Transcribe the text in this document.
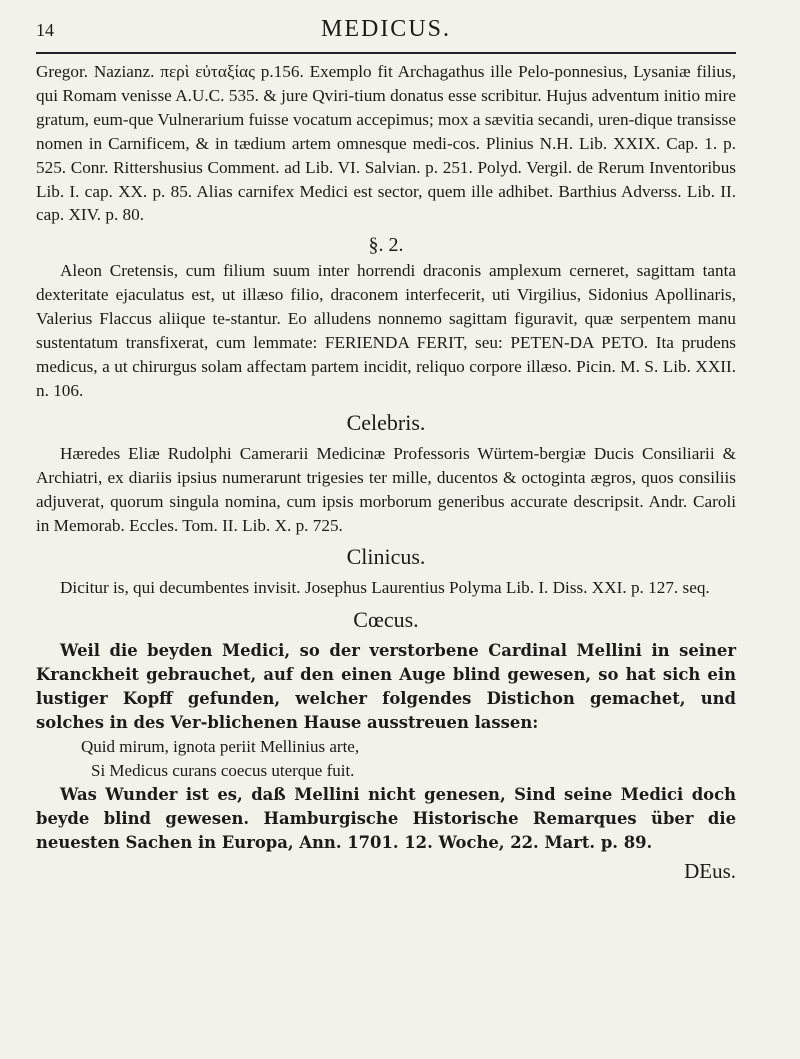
14	MEDICUS.

Gregor. Nazianz. περὶ εὐταξίας p.156. Exemplo fit Archagathus ille Pelo-ponnesius, Lysaniæ filius, qui Romam venisse A.U.C. 535. & jure Qviri-tium donatus esse scribitur. Hujus adventum initio mire gratum, eum-que Vulnerarium fuisse vocatum accepimus; mox a sævitia secandi, uren-dique transisse nomen in Carnificem, & in tædium artem omnesque medi-cos. Plinius N.H. Lib. XXIX. Cap. 1. p. 525. Conr. Rittershusius Comment. ad Lib. VI. Salvian. p. 251. Polyd. Vergil. de Rerum Inventoribus Lib. I. cap. XX. p. 85. Alias carnifex Medici est sector, quem ille adhibet. Barthius Adverss. Lib. II. cap. XIV. p. 80.

§. 2.

Aleon Cretensis, cum filium suum inter horrendi draconis amplexum cerneret, sagittam tanta dexteritate ejaculatus est, ut illæso filio, draconem interfecerit, uti Virgilius, Sidonius Apollinaris, Valerius Flaccus aliique te-stantur. Eo alludens nonnemo sagittam figuravit, quæ serpentem manu sustentatum transfixerat, cum lemmate: FERIENDA FERIT, seu: PETEN-DA PETO. Ita prudens medicus, a ut chirurgus solam affectam partem incidit, reliquo corpore illæso. Picin. M. S. Lib. XXII. n. 106.

Celebris.

Hæredes Eliæ Rudolphi Camerarii Medicinæ Professoris Würtem-bergiæ Ducis Consiliarii & Archiatri, ex diariis ipsius numerarunt trigesies ter mille, ducentos & octoginta ægros, quos consiliis adjuverat, quorum singula nomina, cum ipsis morborum generibus accurate descripsit. Andr. Caroli in Memorab. Eccles. Tom. II. Lib. X. p. 725.

Clinicus.

Dicitur is, qui decumbentes invisit. Josephus Laurentius Polyma Lib. I. Diss. XXI. p. 127. seq.

Cœcus.

Weil die beyden Medici, so der verstorbene Cardinal Mellini in seiner Kranckheit gebrauchet, auf den einen Auge blind gewesen, so hat sich ein lustiger Kopff gefunden, welcher folgendes Distichon gemachet, und solches in des Ver-blichenen Hause ausstreuen lassen:

Quid mirum, ignota periit Mellinius arte,
Si Medicus curans coecus uterque fuit.

Was Wunder ist es, daß Mellini nicht genesen, Sind seine Medici doch beyde blind gewesen. Hamburgische Historische Remarques über die neuesten Sachen in Europa, Ann. 1701. 12. Woche, 22. Mart. p. 89.

DEus.
